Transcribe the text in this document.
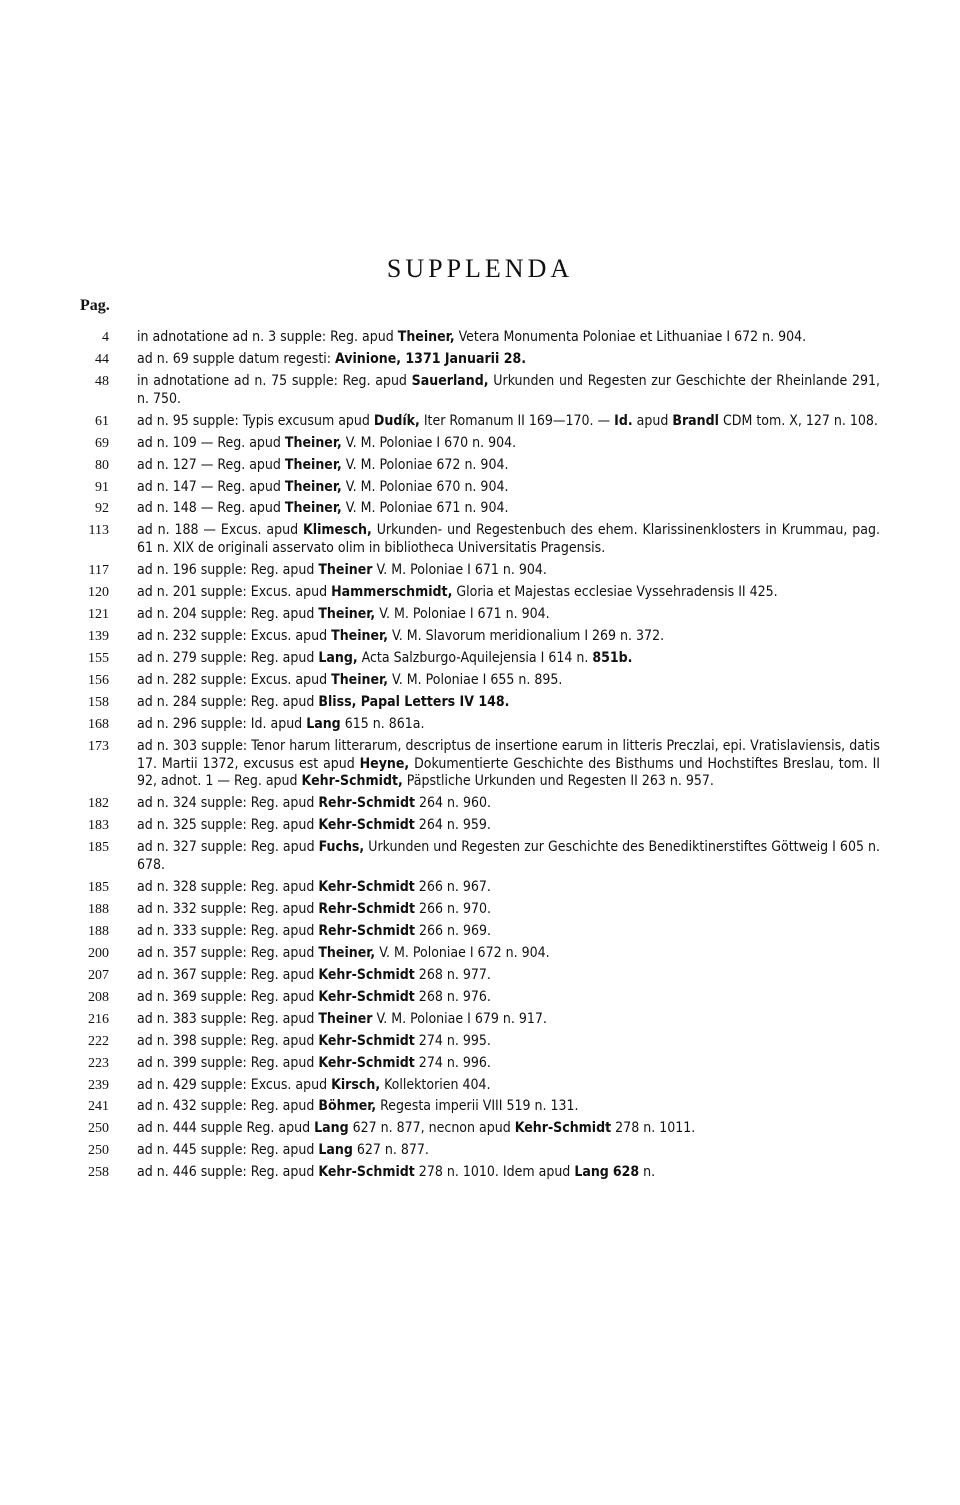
SUPPLENDA
Pag.
4 in adnotatione ad n. 3 supple: Reg. apud Theiner, Vetera Monumenta Poloniae et Lithuaniae I 672 n. 904.
44 ad n. 69 supple datum regesti: Avinione, 1371 Januarii 28.
48 in adnotatione ad n. 75 supple: Reg. apud Sauerland, Urkunden und Regesten zur Geschichte der Rheinlande 291, n. 750.
61 ad n. 95 supple: Typis excusum apud Dudík, Iter Romanum II 169—170. — Id. apud Brandl CDM tom. X, 127 n. 108.
69 ad n. 109 — Reg. apud Theiner, V. M. Poloniae I 670 n. 904.
80 ad n. 127 — Reg. apud Theiner, V. M. Poloniae 672 n. 904.
91 ad n. 147 — Reg. apud Theiner, V. M. Poloniae 670 n. 904.
92 ad n. 148 — Reg. apud Theiner, V. M. Poloniae 671 n. 904.
113 ad n. 188 — Excus. apud Klimesch, Urkunden- und Regestenbuch des ehem. Klarissinenklosters in Krummau, pag. 61 n. XIX de originali asservato olim in bibliotheca Universitatis Pragensis.
117 ad n. 196 supple: Reg. apud Theiner V. M. Poloniae I 671 n. 904.
120 ad n. 201 supple: Excus. apud Hammerschmidt, Gloria et Majestas ecclesiae Vyssehradensis II 425.
121 ad n. 204 supple: Reg. apud Theiner, V. M. Poloniae I 671 n. 904.
139 ad n. 232 supple: Excus. apud Theiner, V. M. Slavorum meridionalium I 269 n. 372.
155 ad n. 279 supple: Reg. apud Lang, Acta Salzburgo-Aquilejensia I 614 n. 851b.
156 ad n. 282 supple: Excus. apud Theiner, V. M. Poloniae I 655 n. 895.
158 ad n. 284 supple: Reg. apud Bliss, Papal Letters IV 148.
168 ad n. 296 supple: Id. apud Lang 615 n. 861a.
173 ad n. 303 supple: Tenor harum litterarum, descriptus de insertione earum in litteris Preczlai, epi. Vratislaviensis, datis 17. Martii 1372, excusus est apud Heyne, Dokumentierte Geschichte des Bisthums und Hochstiftes Breslau, tom. II 92, adnot. 1 — Reg. apud Kehr-Schmidt, Päpstliche Urkunden und Regesten II 263 n. 957.
182 ad n. 324 supple: Reg. apud Rehr-Schmidt 264 n. 960.
183 ad n. 325 supple: Reg. apud Kehr-Schmidt 264 n. 959.
185 ad n. 327 supple: Reg. apud Fuchs, Urkunden und Regesten zur Geschichte des Benediktinerstiftes Göttweig I 605 n. 678.
185 ad n. 328 supple: Reg. apud Kehr-Schmidt 266 n. 967.
188 ad n. 332 supple: Reg. apud Rehr-Schmidt 266 n. 970.
188 ad n. 333 supple: Reg. apud Rehr-Schmidt 266 n. 969.
200 ad n. 357 supple: Reg. apud Theiner, V. M. Poloniae I 672 n. 904.
207 ad n. 367 supple: Reg. apud Kehr-Schmidt 268 n. 977.
208 ad n. 369 supple: Reg. apud Kehr-Schmidt 268 n. 976.
216 ad n. 383 supple: Reg. apud Theiner V. M. Poloniae I 679 n. 917.
222 ad n. 398 supple: Reg. apud Kehr-Schmidt 274 n. 995.
223 ad n. 399 supple: Reg. apud Kehr-Schmidt 274 n. 996.
239 ad n. 429 supple: Excus. apud Kirsch, Kollektorien 404.
241 ad n. 432 supple: Reg. apud Böhmer, Regesta imperii VIII 519 n. 131.
250 ad n. 444 supple Reg. apud Lang 627 n. 877, necnon apud Kehr-Schmidt 278 n. 1011.
250 ad n. 445 supple: Reg. apud Lang 627 n. 877.
258 ad n. 446 supple: Reg. apud Kehr-Schmidt 278 n. 1010. Idem apud Lang 628 n.
